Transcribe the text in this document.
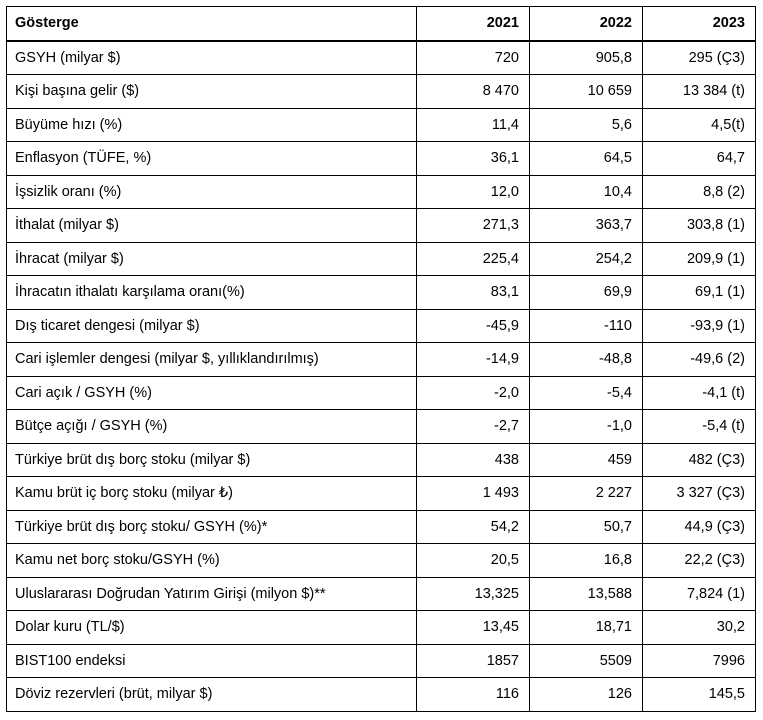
Gösterge	2021	2022	2023
GSYH (milyar $)	720	905,8	295 (Ç3)
Kişi başına gelir ($)	8 470	10 659	13 384 (t)
Büyüme hızı (%)	11,4	5,6	4,5(t)
Enflasyon (TÜFE, %)	36,1	64,5	64,7
İşsizlik oranı (%)	12,0	10,4	8,8 (2)
İthalat (milyar $)	271,3	363,7	303,8 (1)
İhracat (milyar $)	225,4	254,2	209,9 (1)
İhracatın ithalatı karşılama oranı(%)	83,1	69,9	69,1 (1)
Dış ticaret dengesi (milyar $)	-45,9	-110	-93,9 (1)
Cari işlemler dengesi (milyar $, yıllıklandırılmış)	-14,9	-48,8	-49,6 (2)
Cari açık / GSYH (%)	-2,0	-5,4	-4,1 (t)
Bütçe açığı / GSYH (%)	-2,7	-1,0	-5,4 (t)
Türkiye brüt dış borç stoku (milyar $)	438	459	482 (Ç3)
Kamu brüt iç borç stoku (milyar ₺)	1 493	2 227	3 327 (Ç3)
Türkiye brüt dış borç stoku/ GSYH (%)*	54,2	50,7	44,9 (Ç3)
Kamu net borç stoku/GSYH (%)	20,5	16,8	22,2 (Ç3)
Uluslararası Doğrudan Yatırım Girişi (milyon $)**	13,325	13,588	7,824 (1)
Dolar kuru (TL/$)	13,45	18,71	30,2
BIST100 endeksi	1857	5509	7996
Döviz rezervleri (brüt, milyar $)	116	126	145,5
